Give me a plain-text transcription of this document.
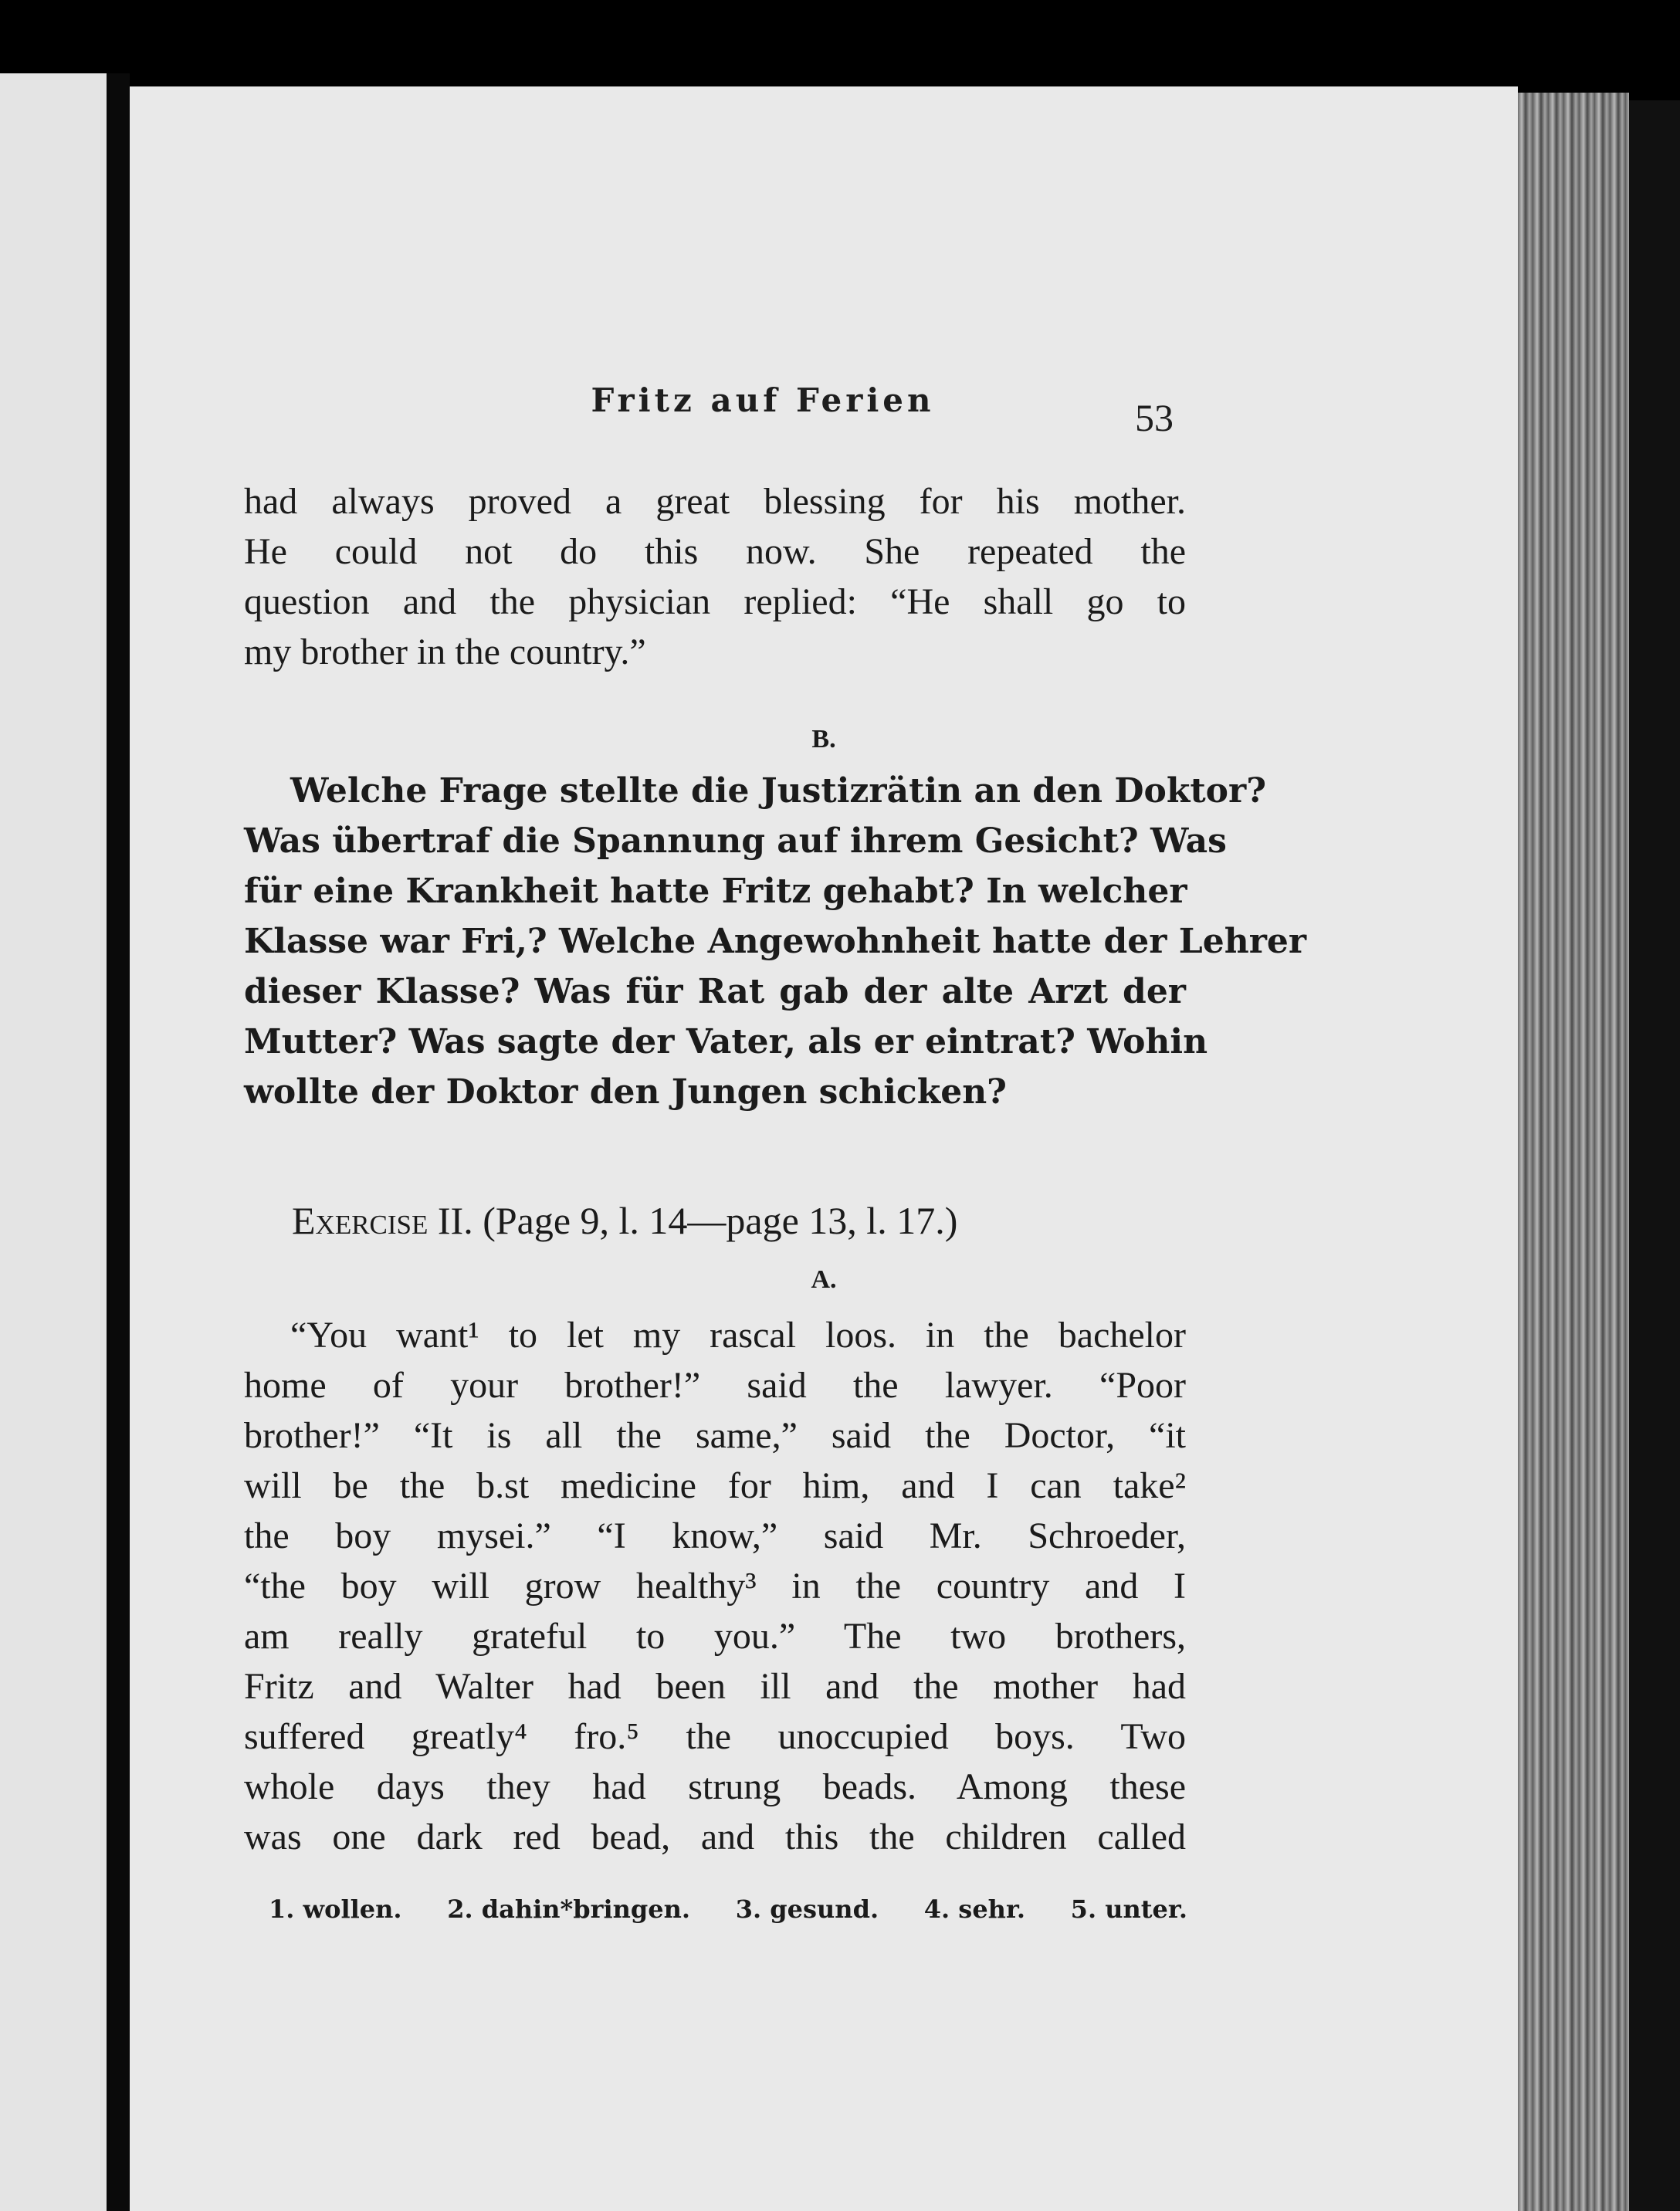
Fritz auf Ferien	53
had always proved a great blessing for his mother.
He could not do this now. She repeated the
question and the physician replied: “He shall go to
my brother in the country.”
B.
Welche Frage stellte die Justizrätin an den Doktor?
Was übertraf die Spannung auf ihrem Gesicht? Was
für eine Krankheit hatte Fritz gehabt? In welcher
Klasse war Fri,? Welche Angewohnheit hatte der Lehrer
dieser Klasse? Was für Rat gab der alte Arzt der
Mutter? Was sagte der Vater, als er eintrat? Wohin
wollte der Doktor den Jungen schicken?
Exercise II. (Page 9, l. 14—page 13, l. 17.)
A.
“You want¹ to let my rascal loos. in the bachelor
home of your brother!” said the lawyer. “Poor
brother!” “It is all the same,” said the Doctor, “it
will be the b.st medicine for him, and I can take²
the boy mysei.” “I know,” said Mr. Schroeder,
“the boy will grow healthy³ in the country and I
am really grateful to you.” The two brothers,
Fritz and Walter had been ill and the mother had
suffered greatly⁴ fro.⁵ the unoccupied boys. Two
whole days they had strung beads. Among these
was one dark red bead, and this the children called
1. wollen. 2. dahin*bringen. 3. gesund. 4. sehr. 5. unter.
